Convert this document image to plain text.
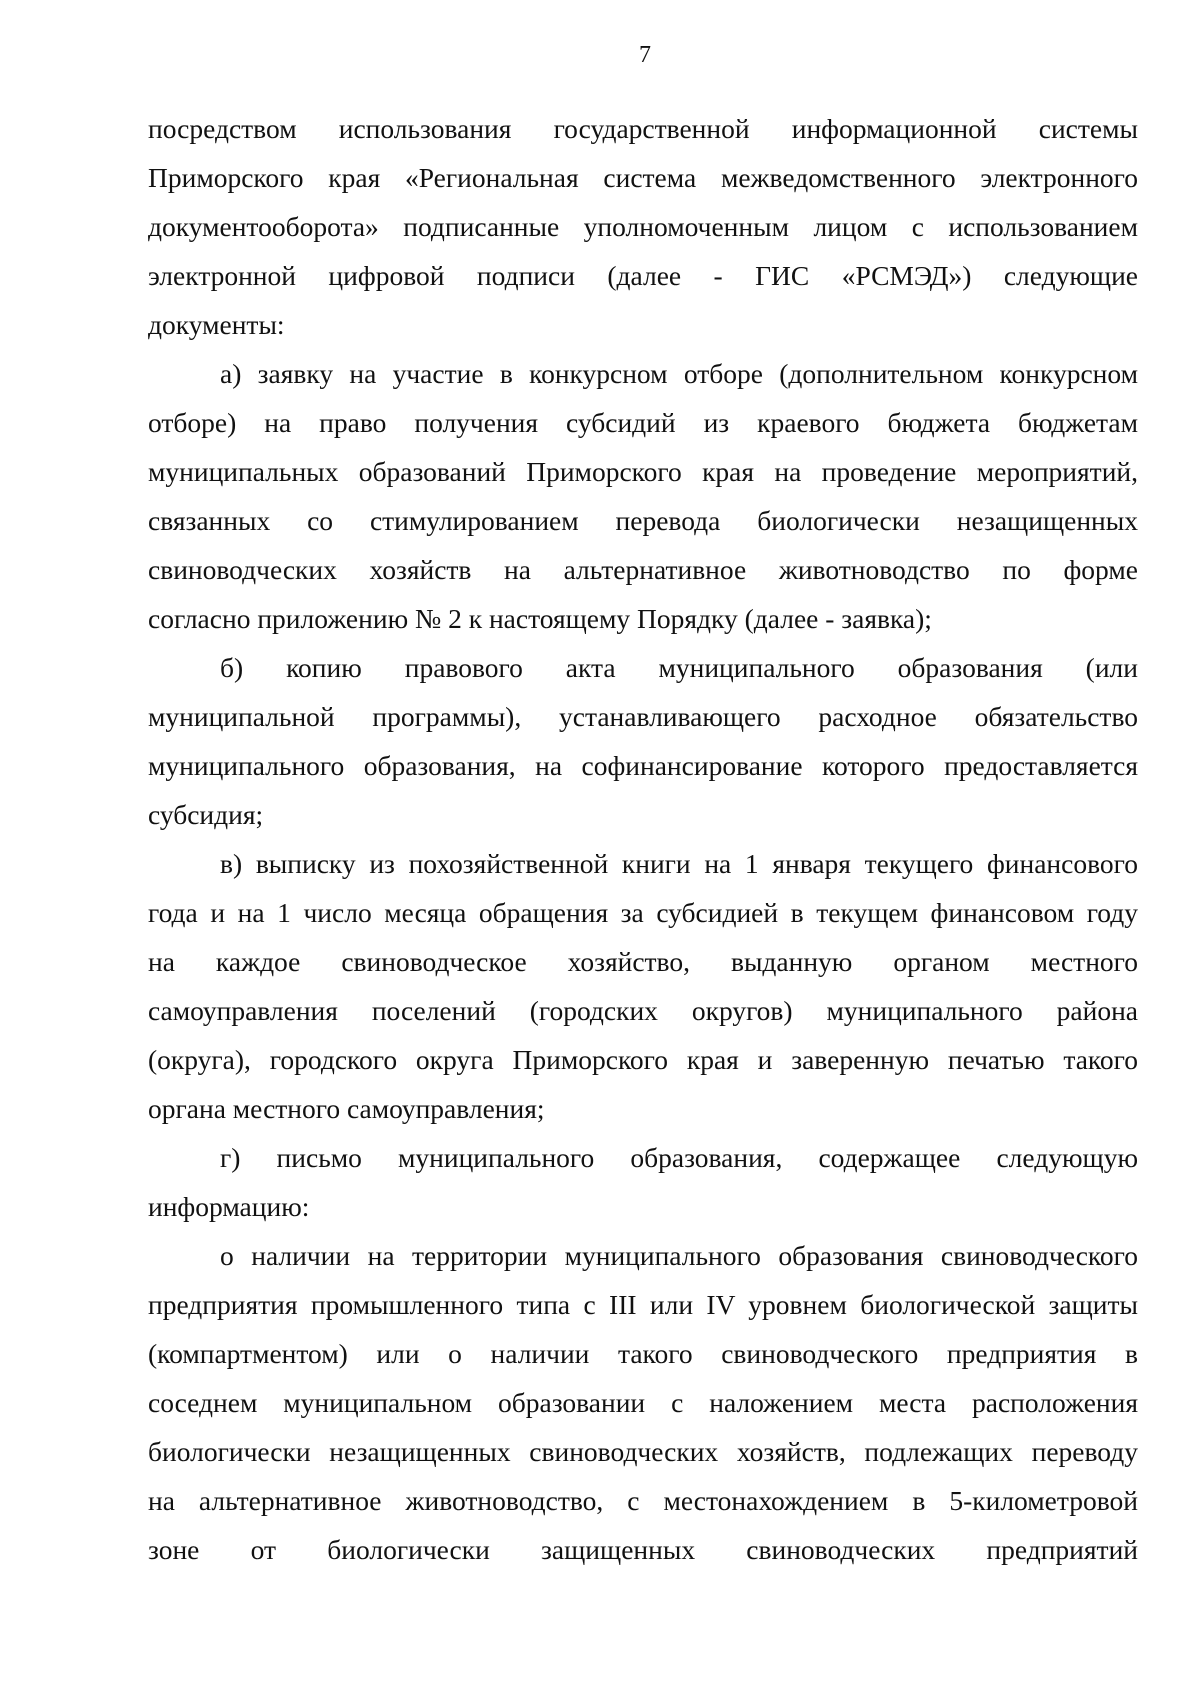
7
посредством использования государственной информационной системы
Приморского края «Региональная система межведомственного электронного
документооборота» подписанные уполномоченным лицом с использованием
электронной цифровой подписи (далее - ГИС «РСМЭД») следующие
документы:
а) заявку на участие в конкурсном отборе (дополнительном конкурсном
отборе) на право получения субсидий из краевого бюджета бюджетам
муниципальных образований Приморского края на проведение мероприятий,
связанных со стимулированием перевода биологически незащищенных
свиноводческих хозяйств на альтернативное животноводство по форме
согласно приложению № 2 к настоящему Порядку (далее - заявка);
б) копию правового акта муниципального образования (или
муниципальной программы), устанавливающего расходное обязательство
муниципального образования, на софинансирование которого предоставляется
субсидия;
в) выписку из похозяйственной книги на 1 января текущего финансового
года и на 1 число месяца обращения за субсидией в текущем финансовом году
на каждое свиноводческое хозяйство, выданную органом местного
самоуправления поселений (городских округов) муниципального района
(округа), городского округа Приморского края и заверенную печатью такого
органа местного самоуправления;
г) письмо муниципального образования, содержащее следующую
информацию:
о наличии на территории муниципального образования свиноводческого
предприятия промышленного типа с III или IV уровнем биологической защиты
(компартментом) или о наличии такого свиноводческого предприятия в
соседнем муниципальном образовании с наложением места расположения
биологически незащищенных свиноводческих хозяйств, подлежащих переводу
на альтернативное животноводство, с местонахождением в 5-километровой
зоне от биологически защищенных свиноводческих предприятий
